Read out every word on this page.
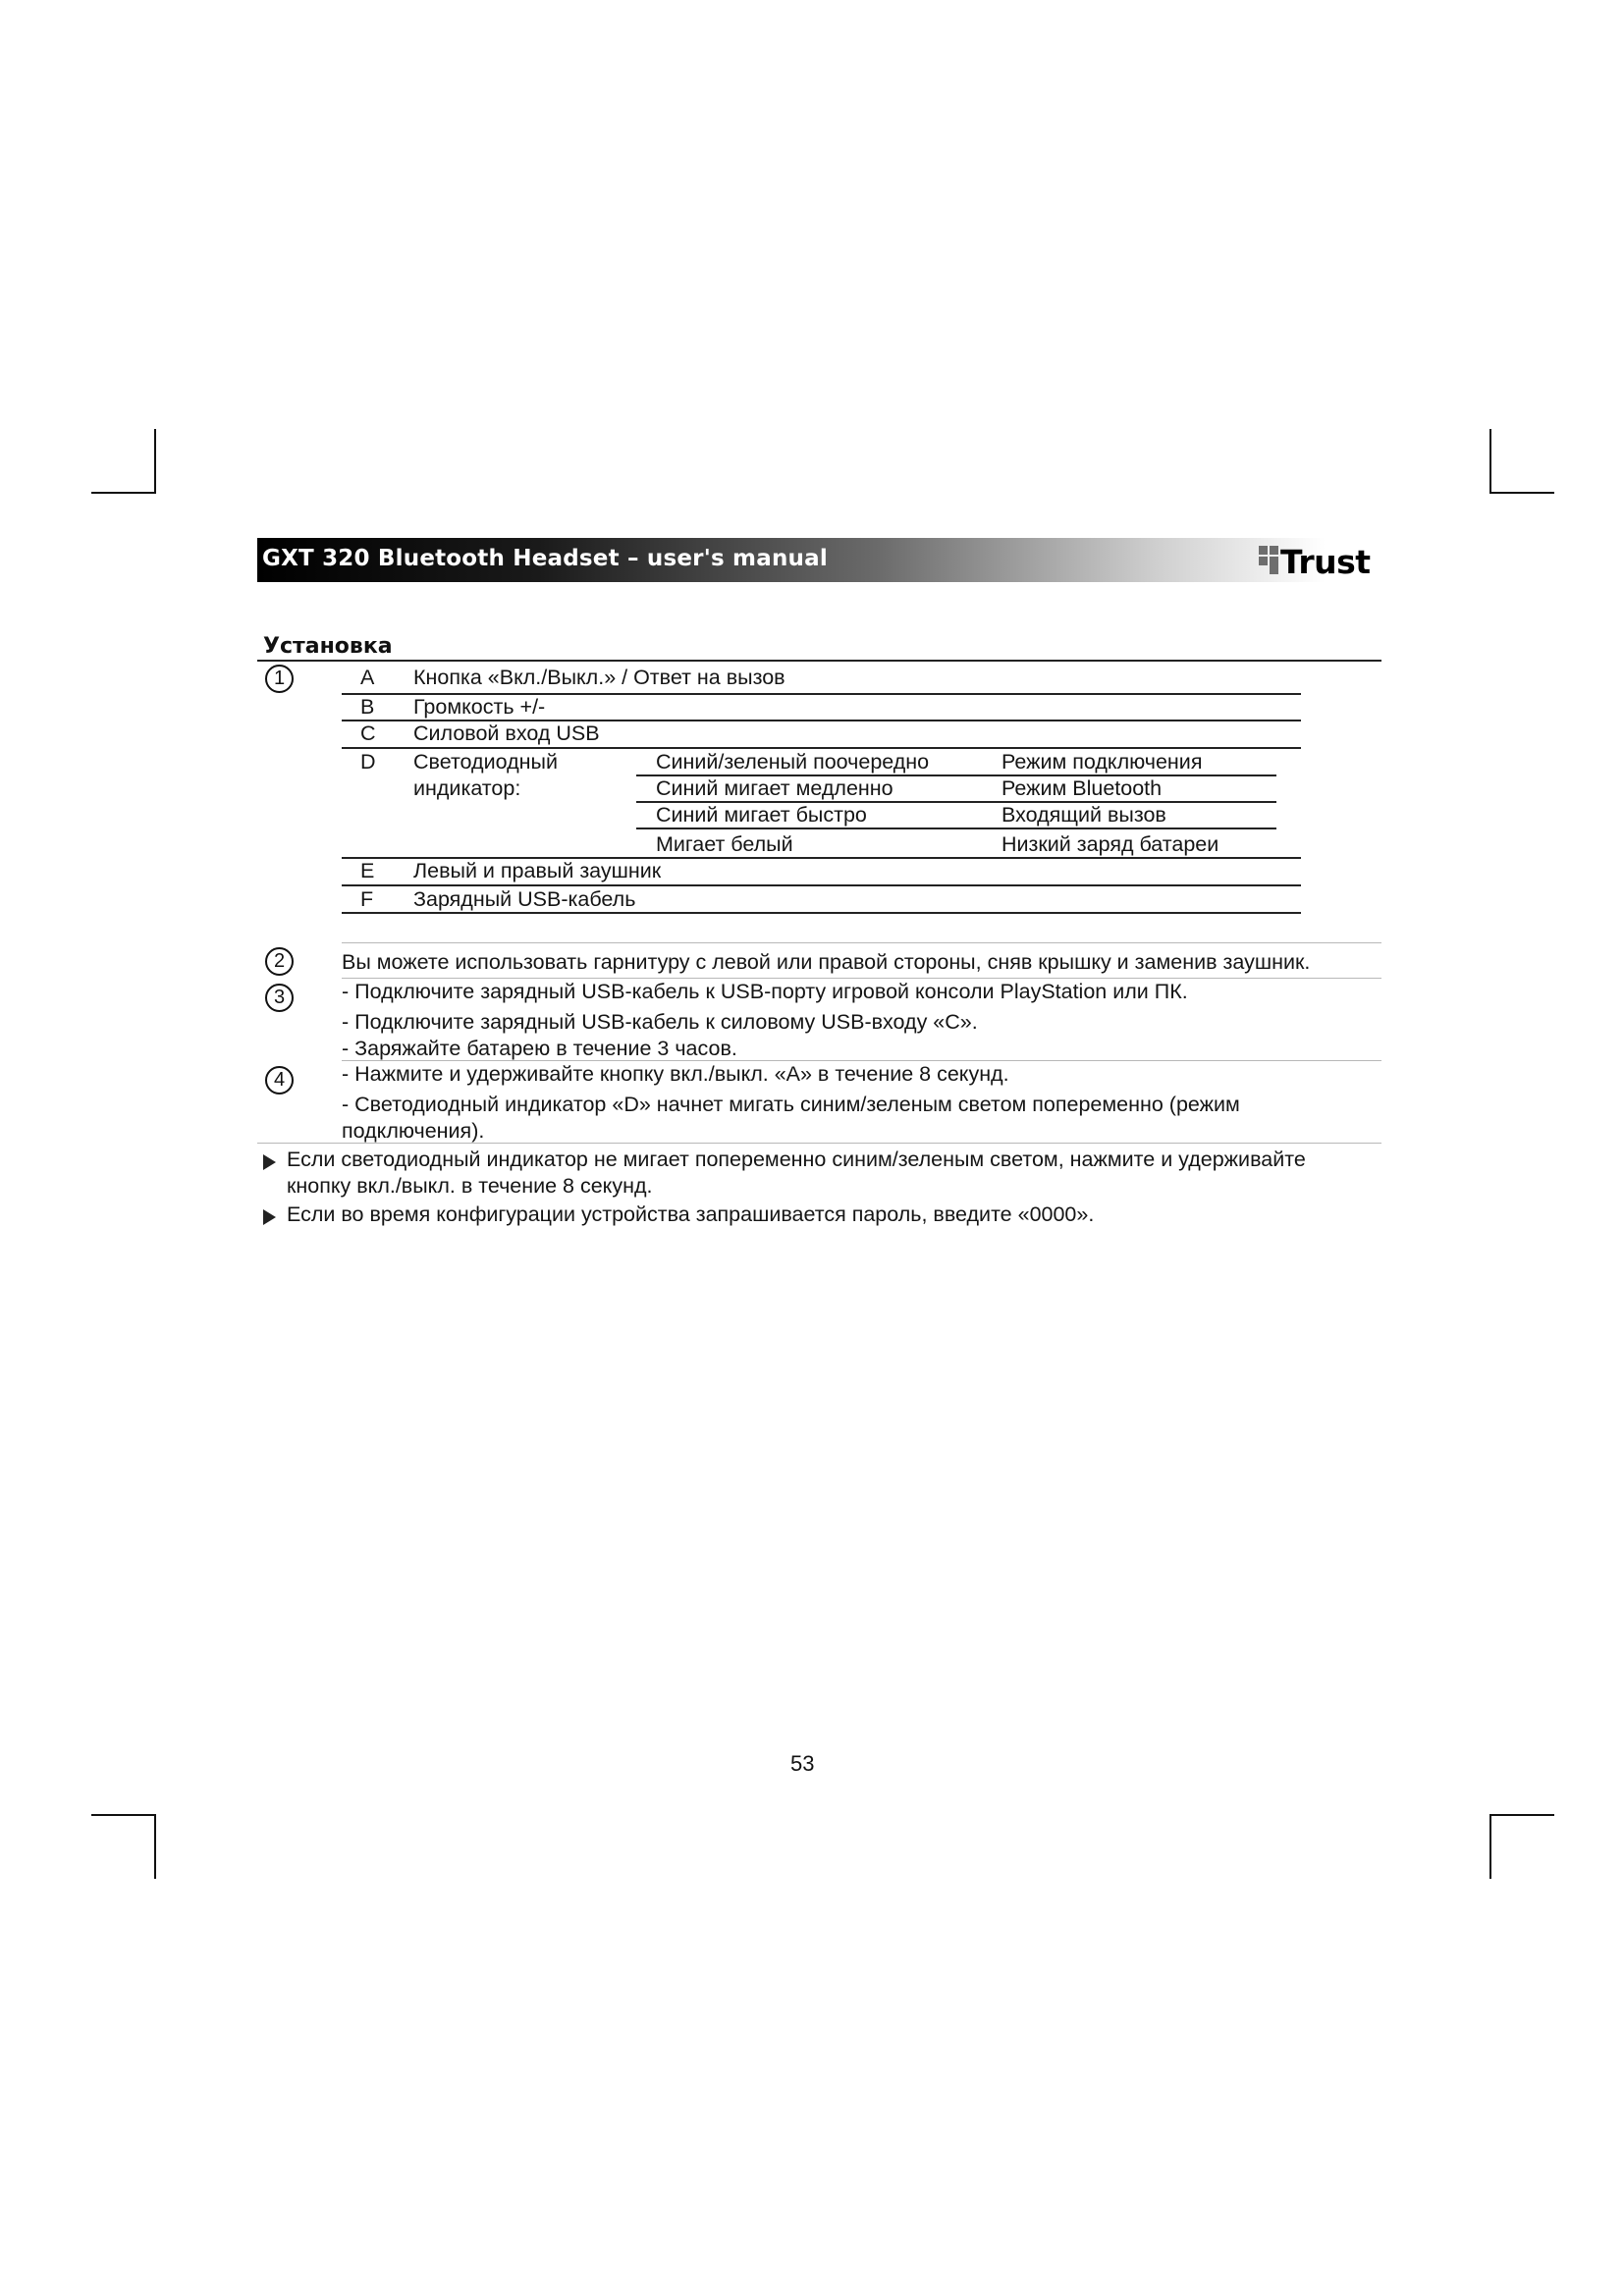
GXT 320 Bluetooth Headset – user's manual	Trust
Установка
1	A Кнопка «Вкл./Выкл.» / Ответ на вызов
B Громкость +/-
C Силовой вход USB
D Светодиодный
индикатор:
Синий/зеленый поочередно	Режим подключения
Синий мигает медленно	Режим Bluetooth
Синий мигает быстро	Входящий вызов
Мигает белый	Низкий заряд батареи
E Левый и правый заушник
F Зарядный USB-кабель
2	Вы можете использовать гарнитуру с левой или правой стороны, сняв крышку и заменив заушник.
3	- Подключите зарядный USB-кабель к USB-порту игровой консоли PlayStation или ПК.
- Подключите зарядный USB-кабель к силовому USB-входу «C».
- Заряжайте батарею в течение 3 часов.
4	- Нажмите и удерживайте кнопку вкл./выкл. «A» в течение 8 секунд.
- Светодиодный индикатор «D» начнет мигать синим/зеленым светом попеременно (режим
подключения).
Если светодиодный индикатор не мигает попеременно синим/зеленым светом, нажмите и удерживайте
кнопку вкл./выкл. в течение 8 секунд.
Если во время конфигурации устройства запрашивается пароль, введите «0000».
53
